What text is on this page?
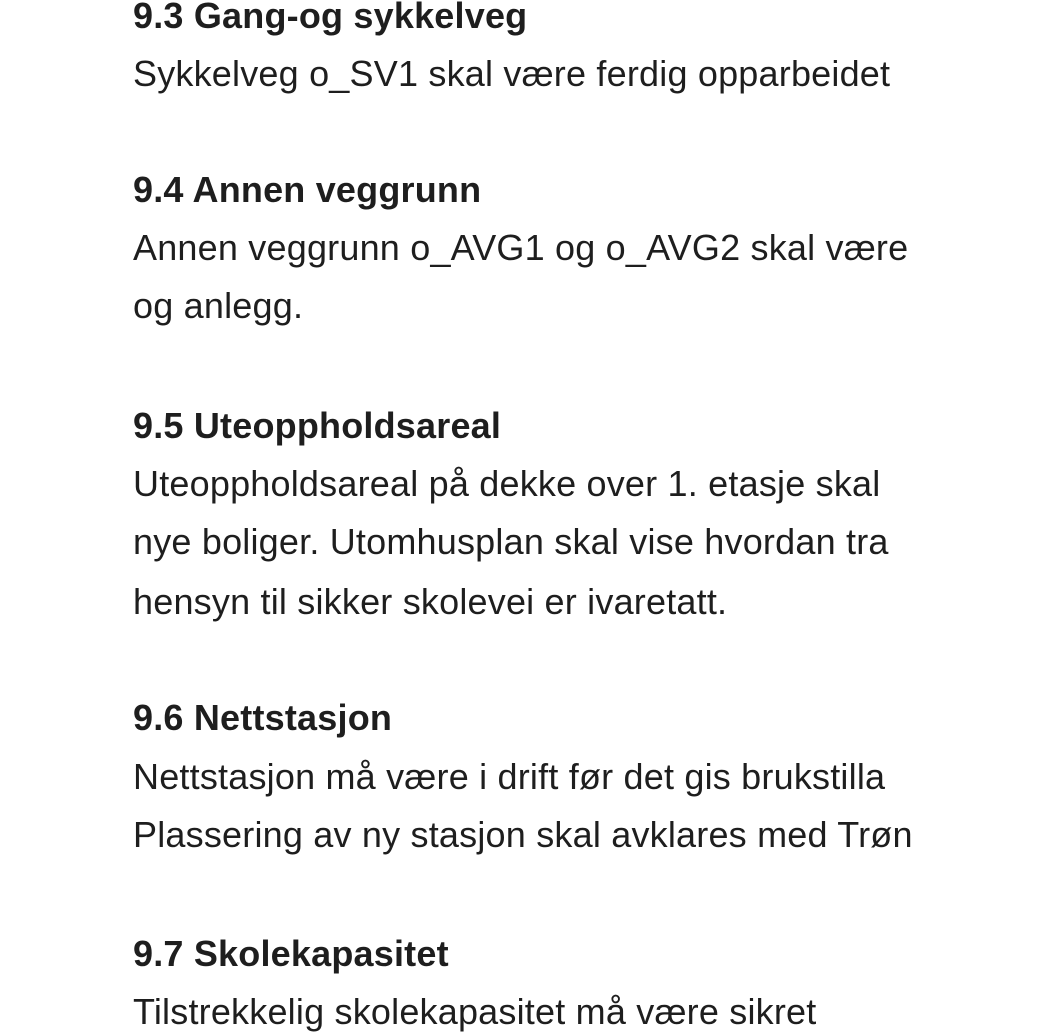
9.3 Gang-og sykkelveg
Sykkelveg o_SV1 skal være ferdig opparbeidet
9.4 Annen veggrunn
Annen veggrunn o_AVG1 og o_AVG2 skal være
og anlegg.
9.5 Uteoppholdsareal
Uteoppholdsareal på dekke over 1. etasje skal
nye boliger. Utomhusplan skal vise hvordan tra
hensyn til sikker skolevei er ivaretatt.
9.6 Nettstasjon
Nettstasjon må være i drift før det gis brukstilla
Plassering av ny stasjon skal avklares med Trøn
9.7 Skolekapasitet
Tilstrekkelig skolekapasitet må være sikret
